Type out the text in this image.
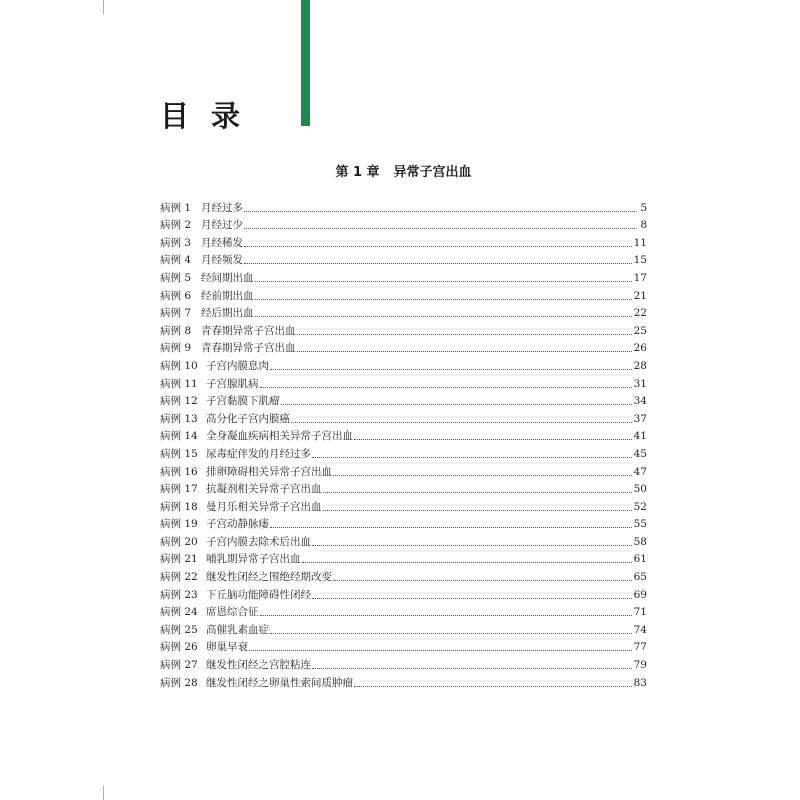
目录
第 1 章 异常子宫出血
病例 1 月经过多	5
病例 2 月经过少	8
病例 3 月经稀发	11
病例 4 月经频发	15
病例 5 经间期出血	17
病例 6 经前期出血	21
病例 7 经后期出血	22
病例 8 青春期异常子宫出血	25
病例 9 青春期异常子宫出血	26
病例 10 子宫内膜息肉	28
病例 11 子宫腺肌病	31
病例 12 子宫黏膜下肌瘤	34
病例 13 高分化子宫内膜癌	37
病例 14 全身凝血疾病相关异常子宫出血	41
病例 15 尿毒症伴发的月经过多	45
病例 16 排卵障碍相关异常子宫出血	47
病例 17 抗凝剂相关异常子宫出血	50
病例 18 曼月乐相关异常子宫出血	52
病例 19 子宫动静脉瘘	55
病例 20 子宫内膜去除术后出血	58
病例 21 哺乳期异常子宫出血	61
病例 22 继发性闭经之围绝经期改变	65
病例 23 下丘脑功能障碍性闭经	69
病例 24 席恩综合征	71
病例 25 高催乳素血症	74
病例 26 卵巢早衰	77
病例 27 继发性闭经之宫腔粘连	79
病例 28 继发性闭经之卵巢性索间质肿瘤	83
